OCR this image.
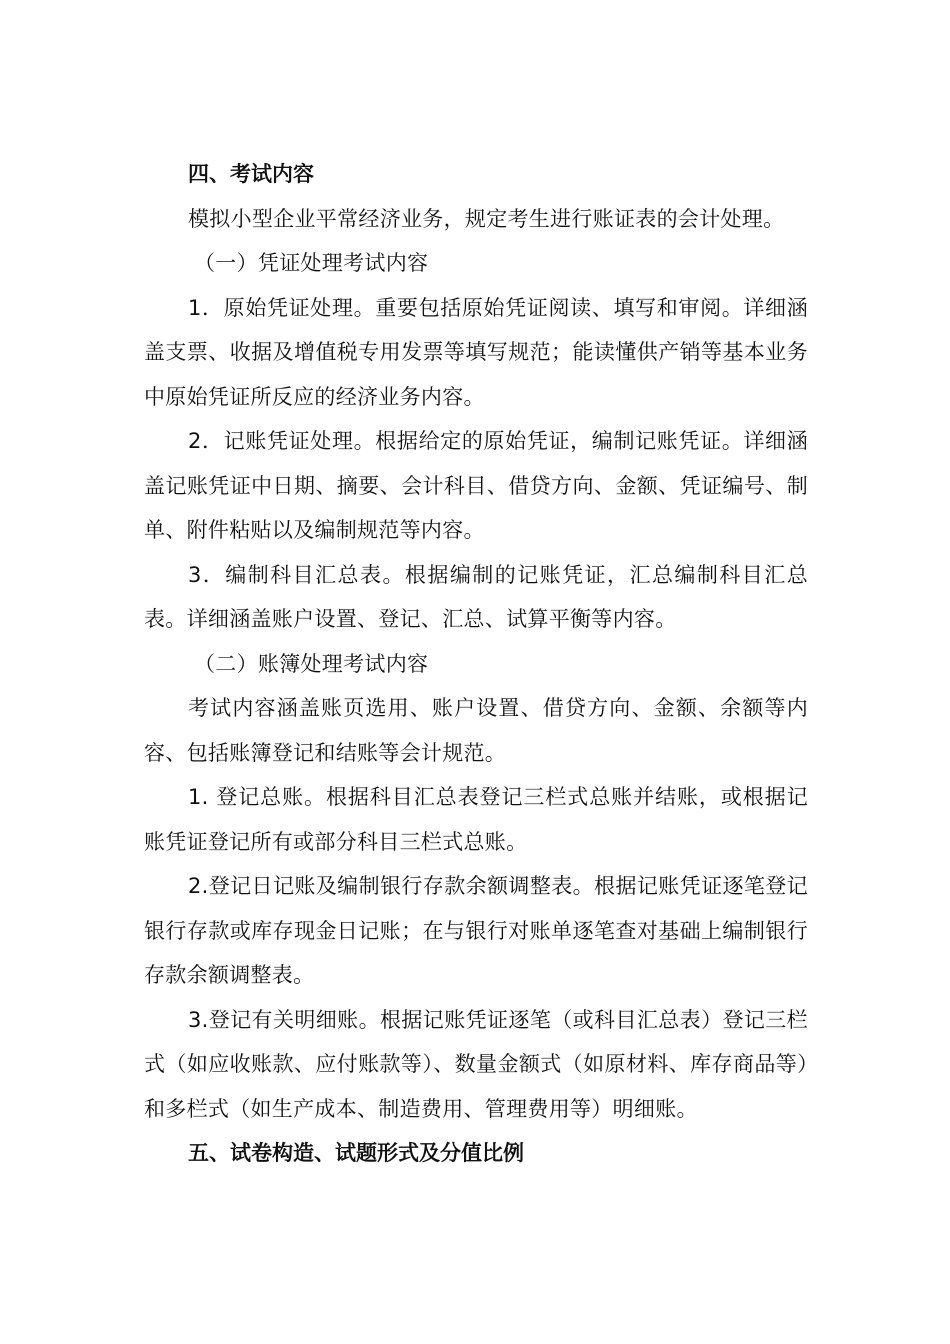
四、考试内容

模拟小型企业平常经济业务，规定考生进行账证表的会计处理。

（一）凭证处理考试内容

1．原始凭证处理。重要包括原始凭证阅读、填写和审阅。详细涵盖支票、收据及增值税专用发票等填写规范；能读懂供产销等基本业务中原始凭证所反应的经济业务内容。

2．记账凭证处理。根据给定的原始凭证，编制记账凭证。详细涵盖记账凭证中日期、摘要、会计科目、借贷方向、金额、凭证编号、制单、附件粘贴以及编制规范等内容。

3．编制科目汇总表。根据编制的记账凭证，汇总编制科目汇总表。详细涵盖账户设置、登记、汇总、试算平衡等内容。

（二）账簿处理考试内容

考试内容涵盖账页选用、账户设置、借贷方向、金额、余额等内容、包括账簿登记和结账等会计规范。

1. 登记总账。根据科目汇总表登记三栏式总账并结账，或根据记账凭证登记所有或部分科目三栏式总账。

2.登记日记账及编制银行存款余额调整表。根据记账凭证逐笔登记银行存款或库存现金日记账；在与银行对账单逐笔查对基础上编制银行存款余额调整表。

3.登记有关明细账。根据记账凭证逐笔（或科目汇总表）登记三栏式（如应收账款、应付账款等）、数量金额式（如原材料、库存商品等）和多栏式（如生产成本、制造费用、管理费用等）明细账。

五、试卷构造、试题形式及分值比例
